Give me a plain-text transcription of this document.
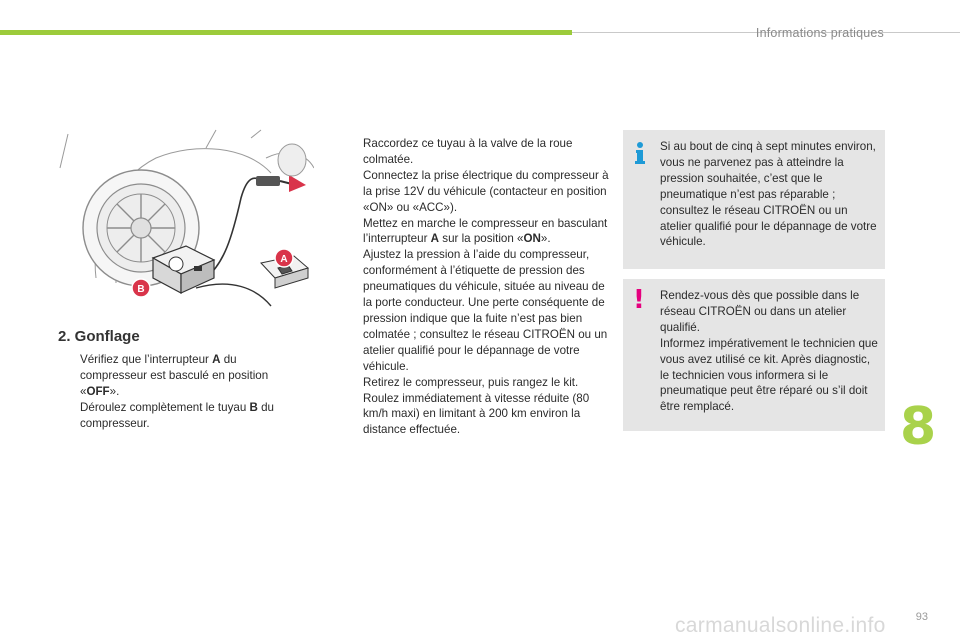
Informations pratiques
A
B
2. Gonflage
Vérifiez que l’interrupteur A du compresseur est basculé en position «OFF».
Déroulez complètement le tuyau B du compresseur.
Raccordez ce tuyau à la valve de la roue colmatée.
Connectez la prise électrique du compresseur à la prise 12V du véhicule (contacteur en position «ON» ou «ACC»).
Mettez en marche le compresseur en basculant l’interrupteur A sur la position «ON».
Ajustez la pression à l’aide du compresseur, conformément à l’étiquette de pression des pneumatiques du véhicule, située au niveau de la porte conducteur. Une perte conséquente de pression indique que la fuite n’est pas bien colmatée ; consultez le réseau CITROËN ou un atelier qualifié pour le dépannage de votre véhicule.
Retirez le compresseur, puis rangez le kit.
Roulez immédiatement à vitesse réduite (80 km/h maxi) en limitant à 200 km environ la distance effectuée.
Si au bout de cinq à sept minutes environ, vous ne parvenez pas à atteindre la pression souhaitée, c’est que le pneumatique n’est pas réparable ; consultez le réseau CITROËN ou un atelier qualifié pour le dépannage de votre véhicule.
! Rendez-vous dès que possible dans le réseau CITROËN ou dans un atelier qualifié.
Informez impérativement le technicien que vous avez utilisé ce kit. Après diagnostic, le technicien vous informera si le pneumatique peut être réparé ou s’il doit être remplacé.	8
carmanualsonline.info	93
